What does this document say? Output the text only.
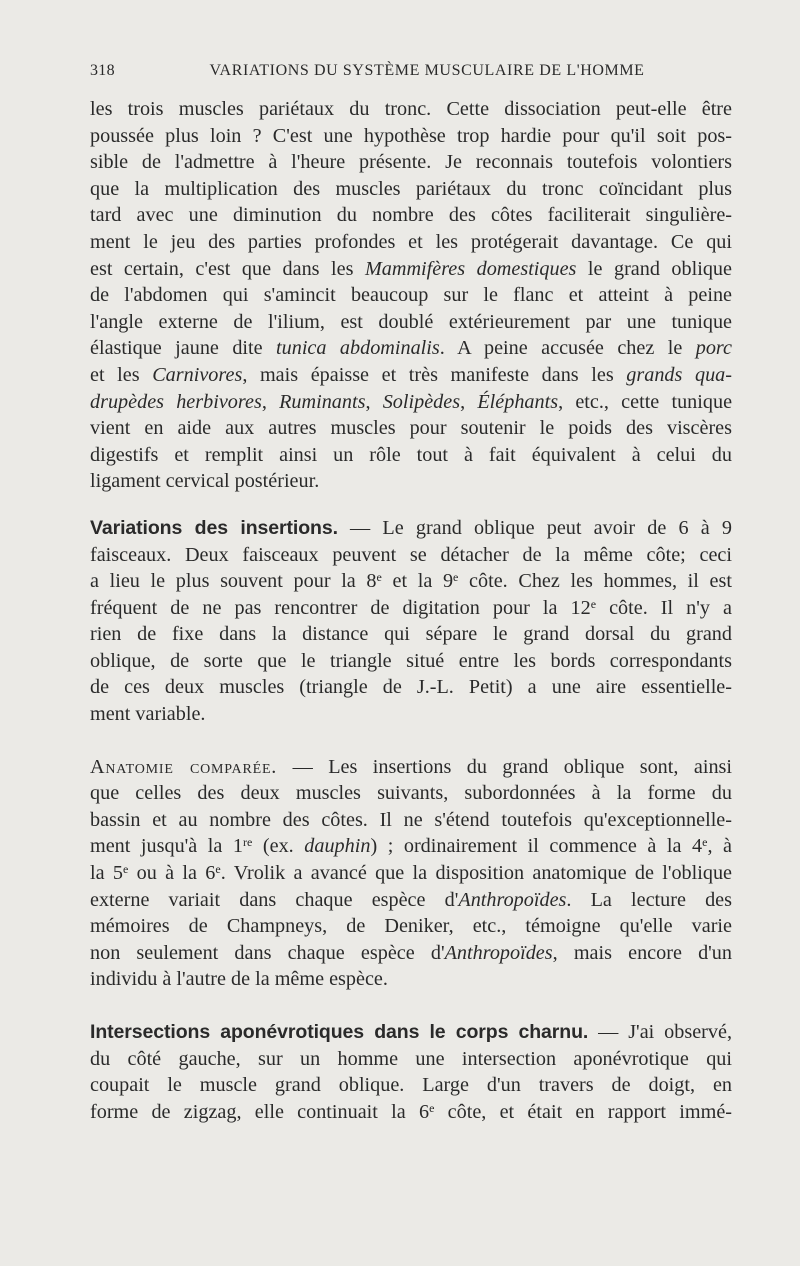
318	VARIATIONS DU SYSTÈME MUSCULAIRE DE L'HOMME
les trois muscles pariétaux du tronc. Cette dissociation peut-elle être
poussée plus loin ? C'est une hypothèse trop hardie pour qu'il soit pos-
sible de l'admettre à l'heure présente. Je reconnais toutefois volontiers
que la multiplication des muscles pariétaux du tronc coïncidant plus
tard avec une diminution du nombre des côtes faciliterait singulière-
ment le jeu des parties profondes et les protégerait davantage. Ce qui
est certain, c'est que dans les Mammifères domestiques le grand oblique
de l'abdomen qui s'amincit beaucoup sur le flanc et atteint à peine
l'angle externe de l'ilium, est doublé extérieurement par une tunique
élastique jaune dite tunica abdominalis. A peine accusée chez le porc
et les Carnivores, mais épaisse et très manifeste dans les grands qua-
drupèdes herbivores, Ruminants, Solipèdes, Éléphants, etc., cette tunique
vient en aide aux autres muscles pour soutenir le poids des viscères
digestifs et remplit ainsi un rôle tout à fait équivalent à celui du
ligament cervical postérieur.
Variations des insertions. — Le grand oblique peut avoir de 6 à 9
faisceaux. Deux faisceaux peuvent se détacher de la même côte; ceci
a lieu le plus souvent pour la 8e et la 9e côte. Chez les hommes, il est
fréquent de ne pas rencontrer de digitation pour la 12e côte. Il n'y a
rien de fixe dans la distance qui sépare le grand dorsal du grand
oblique, de sorte que le triangle situé entre les bords correspondants
de ces deux muscles (triangle de J.-L. Petit) a une aire essentielle-
ment variable.
Anatomie comparée. — Les insertions du grand oblique sont, ainsi
que celles des deux muscles suivants, subordonnées à la forme du
bassin et au nombre des côtes. Il ne s'étend toutefois qu'exceptionnelle-
ment jusqu'à la 1re (ex. dauphin) ; ordinairement il commence à la 4e, à
la 5e ou à la 6e. Vrolik a avancé que la disposition anatomique de l'oblique
externe variait dans chaque espèce d'Anthropoïdes. La lecture des
mémoires de Champneys, de Deniker, etc., témoigne qu'elle varie
non seulement dans chaque espèce d'Anthropoïdes, mais encore d'un
individu à l'autre de la même espèce.
Intersections aponévrotiques dans le corps charnu. — J'ai observé,
du côté gauche, sur un homme une intersection aponévrotique qui
coupait le muscle grand oblique. Large d'un travers de doigt, en
forme de zigzag, elle continuait la 6e côte, et était en rapport immé-
